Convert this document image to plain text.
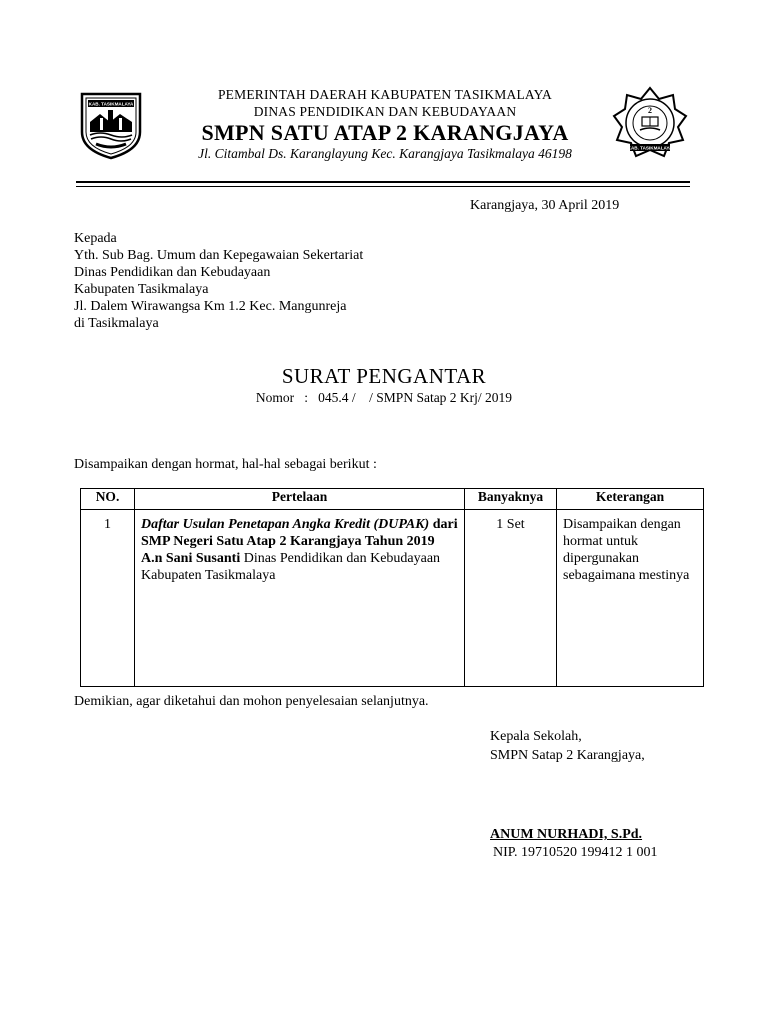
KAB. TASIKMALAYA
PEMERINTAH DAERAH KABUPATEN TASIKMALAYA
DINAS PENDIDIKAN DAN KEBUDAYAAN
SMPN SATU ATAP 2 KARANGJAYA
Jl. Citambal Ds. Karanglayung Kec. Karangjaya Tasikmalaya 46198
2
KAB. TASIKMALAYA
Karangjaya, 30 April 2019
Kepada
Yth. Sub Bag. Umum dan Kepegawaian Sekertariat
Dinas Pendidikan dan Kebudayaan
Kabupaten Tasikmalaya
Jl. Dalem Wirawangsa Km 1.2 Kec. Mangunreja
di Tasikmalaya
SURAT PENGANTAR
Nomor   :   045.4 /    / SMPN Satap 2 Krj/ 2019
Disampaikan dengan hormat, hal-hal sebagai berikut :
NO.	Pertelaan	Banyaknya	Keterangan
1	Daftar Usulan Penetapan Angka Kredit (DUPAK) dari SMP Negeri Satu Atap 2 Karangjaya Tahun 2019 A.n Sani Susanti Dinas Pendidikan dan Kebudayaan Kabupaten Tasikmalaya	1 Set	Disampaikan dengan hormat untuk dipergunakan sebagaimana mestinya
Demikian, agar diketahui dan mohon penyelesaian selanjutnya.
Kepala Sekolah,
SMPN Satap 2 Karangjaya,
ANUM NURHADI, S.Pd.
NIP. 19710520 199412 1 001
